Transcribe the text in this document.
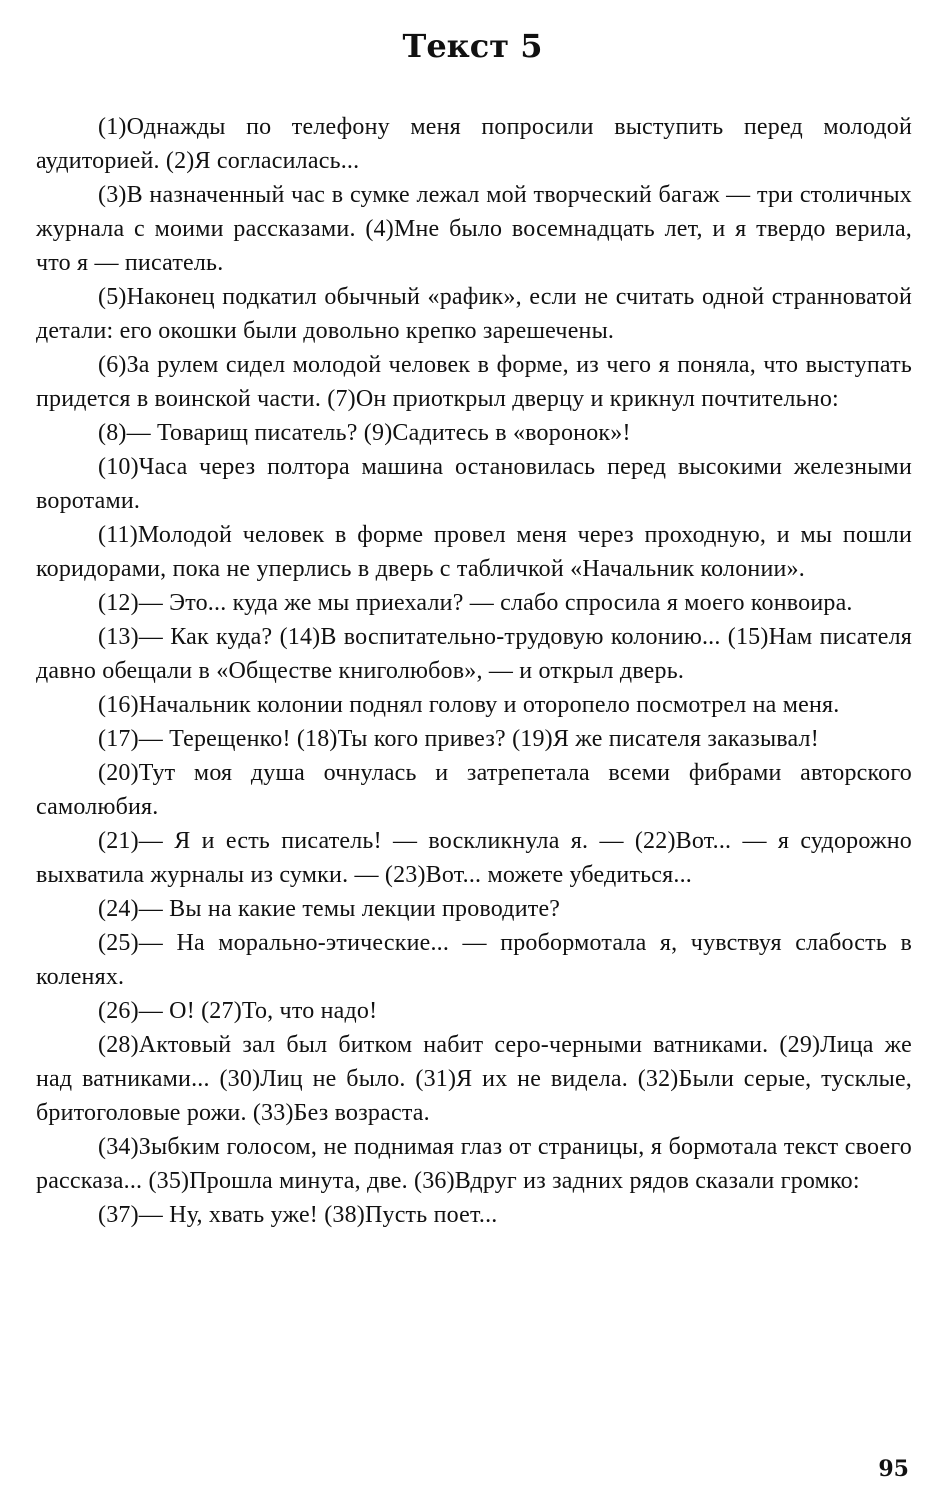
Текст 5

(1)Однажды по телефону меня попросили выступить перед молодой аудиторией. (2)Я согласилась...

(3)В назначенный час в сумке лежал мой творческий багаж — три столичных журнала с моими рассказами. (4)Мне было восемнадцать лет, и я твердо верила, что я — писатель.

(5)Наконец подкатил обычный «рафик», если не считать одной странноватой детали: его окошки были довольно крепко зарешечены.

(6)За рулем сидел молодой человек в форме, из чего я поняла, что выступать придется в воинской части. (7)Он приоткрыл дверцу и крикнул почтительно:

(8)— Товарищ писатель? (9)Садитесь в «воронок»!

(10)Часа через полтора машина остановилась перед высокими железными воротами.

(11)Молодой человек в форме провел меня через проходную, и мы пошли коридорами, пока не уперлись в дверь с табличкой «Начальник колонии».

(12)— Это... куда же мы приехали? — слабо спросила я моего конвоира.

(13)— Как куда? (14)В воспитательно-трудовую колонию... (15)Нам писателя давно обещали в «Обществе книголюбов», — и открыл дверь.

(16)Начальник колонии поднял голову и оторопело посмотрел на меня.

(17)— Терещенко! (18)Ты кого привез? (19)Я же писателя заказывал!

(20)Тут моя душа очнулась и затрепетала всеми фибрами авторского самолюбия.

(21)— Я и есть писатель! — воскликнула я. — (22)Вот... — я судорожно выхватила журналы из сумки. — (23)Вот... можете убедиться...

(24)— Вы на какие темы лекции проводите?

(25)— На морально-этические... — пробормотала я, чувствуя слабость в коленях.

(26)— О! (27)То, что надо!

(28)Актовый зал был битком набит серо-черными ватниками. (29)Лица же над ватниками... (30)Лиц не было. (31)Я их не видела. (32)Были серые, тусклые, бритоголовые рожи. (33)Без возраста.

(34)Зыбким голосом, не поднимая глаз от страницы, я бормотала текст своего рассказа... (35)Прошла минута, две. (36)Вдруг из задних рядов сказали громко:

(37)— Ну, хвать уже! (38)Пусть поет...

95
